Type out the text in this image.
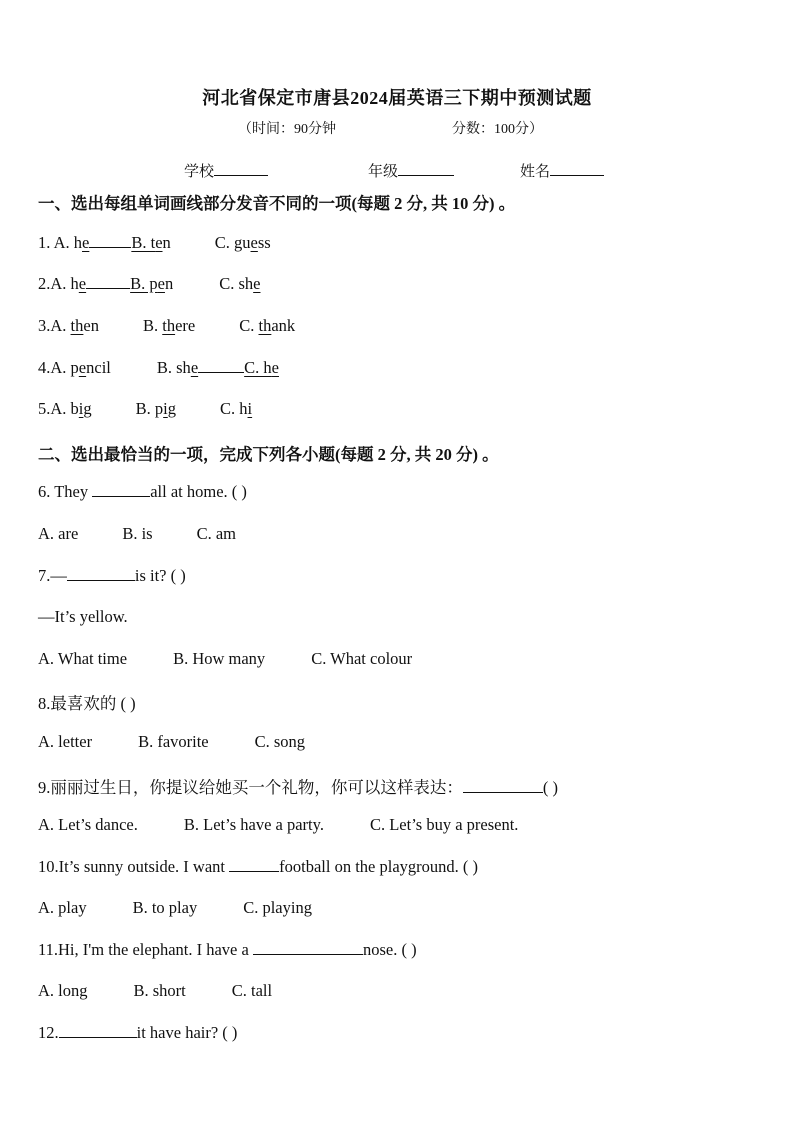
河北省保定市唐县2024届英语三下期中预测试题
（时间：90分钟	分数：100分）
学校	年级	姓名
一、选出每组单词画线部分发音不同的一项(每题 2 分, 共 10 分) 。
1. A. he	B. ten	C. guess
2.A. he	B. pen	C. she
3.A. then	B. there	C. thank
4.A. pencil	B. she	C. he
5.A. big	B. pig	C. hi
二、选出最恰当的一项，完成下列各小题(每题 2 分, 共 20 分) 。
6. They	all at home. ( )
A. are	B. is	C. am
7.—	is it? ( )
—It’s yellow.
A. What time	B. How many	C. What colour
8.最喜欢的 ( )
A. letter	B. favorite	C. song
9.丽丽过生日，你提议给她买一个礼物，你可以这样表达：	( )
A. Let’s dance.	B. Let’s have a party.	C. Let’s buy a present.
10.It’s sunny outside. I want	football on the playground. ( )
A. play	B. to play	C. playing
11.Hi, I'm the elephant. I have a	nose. ( )
A. long	B. short	C. tall
12.	it have hair? ( )
